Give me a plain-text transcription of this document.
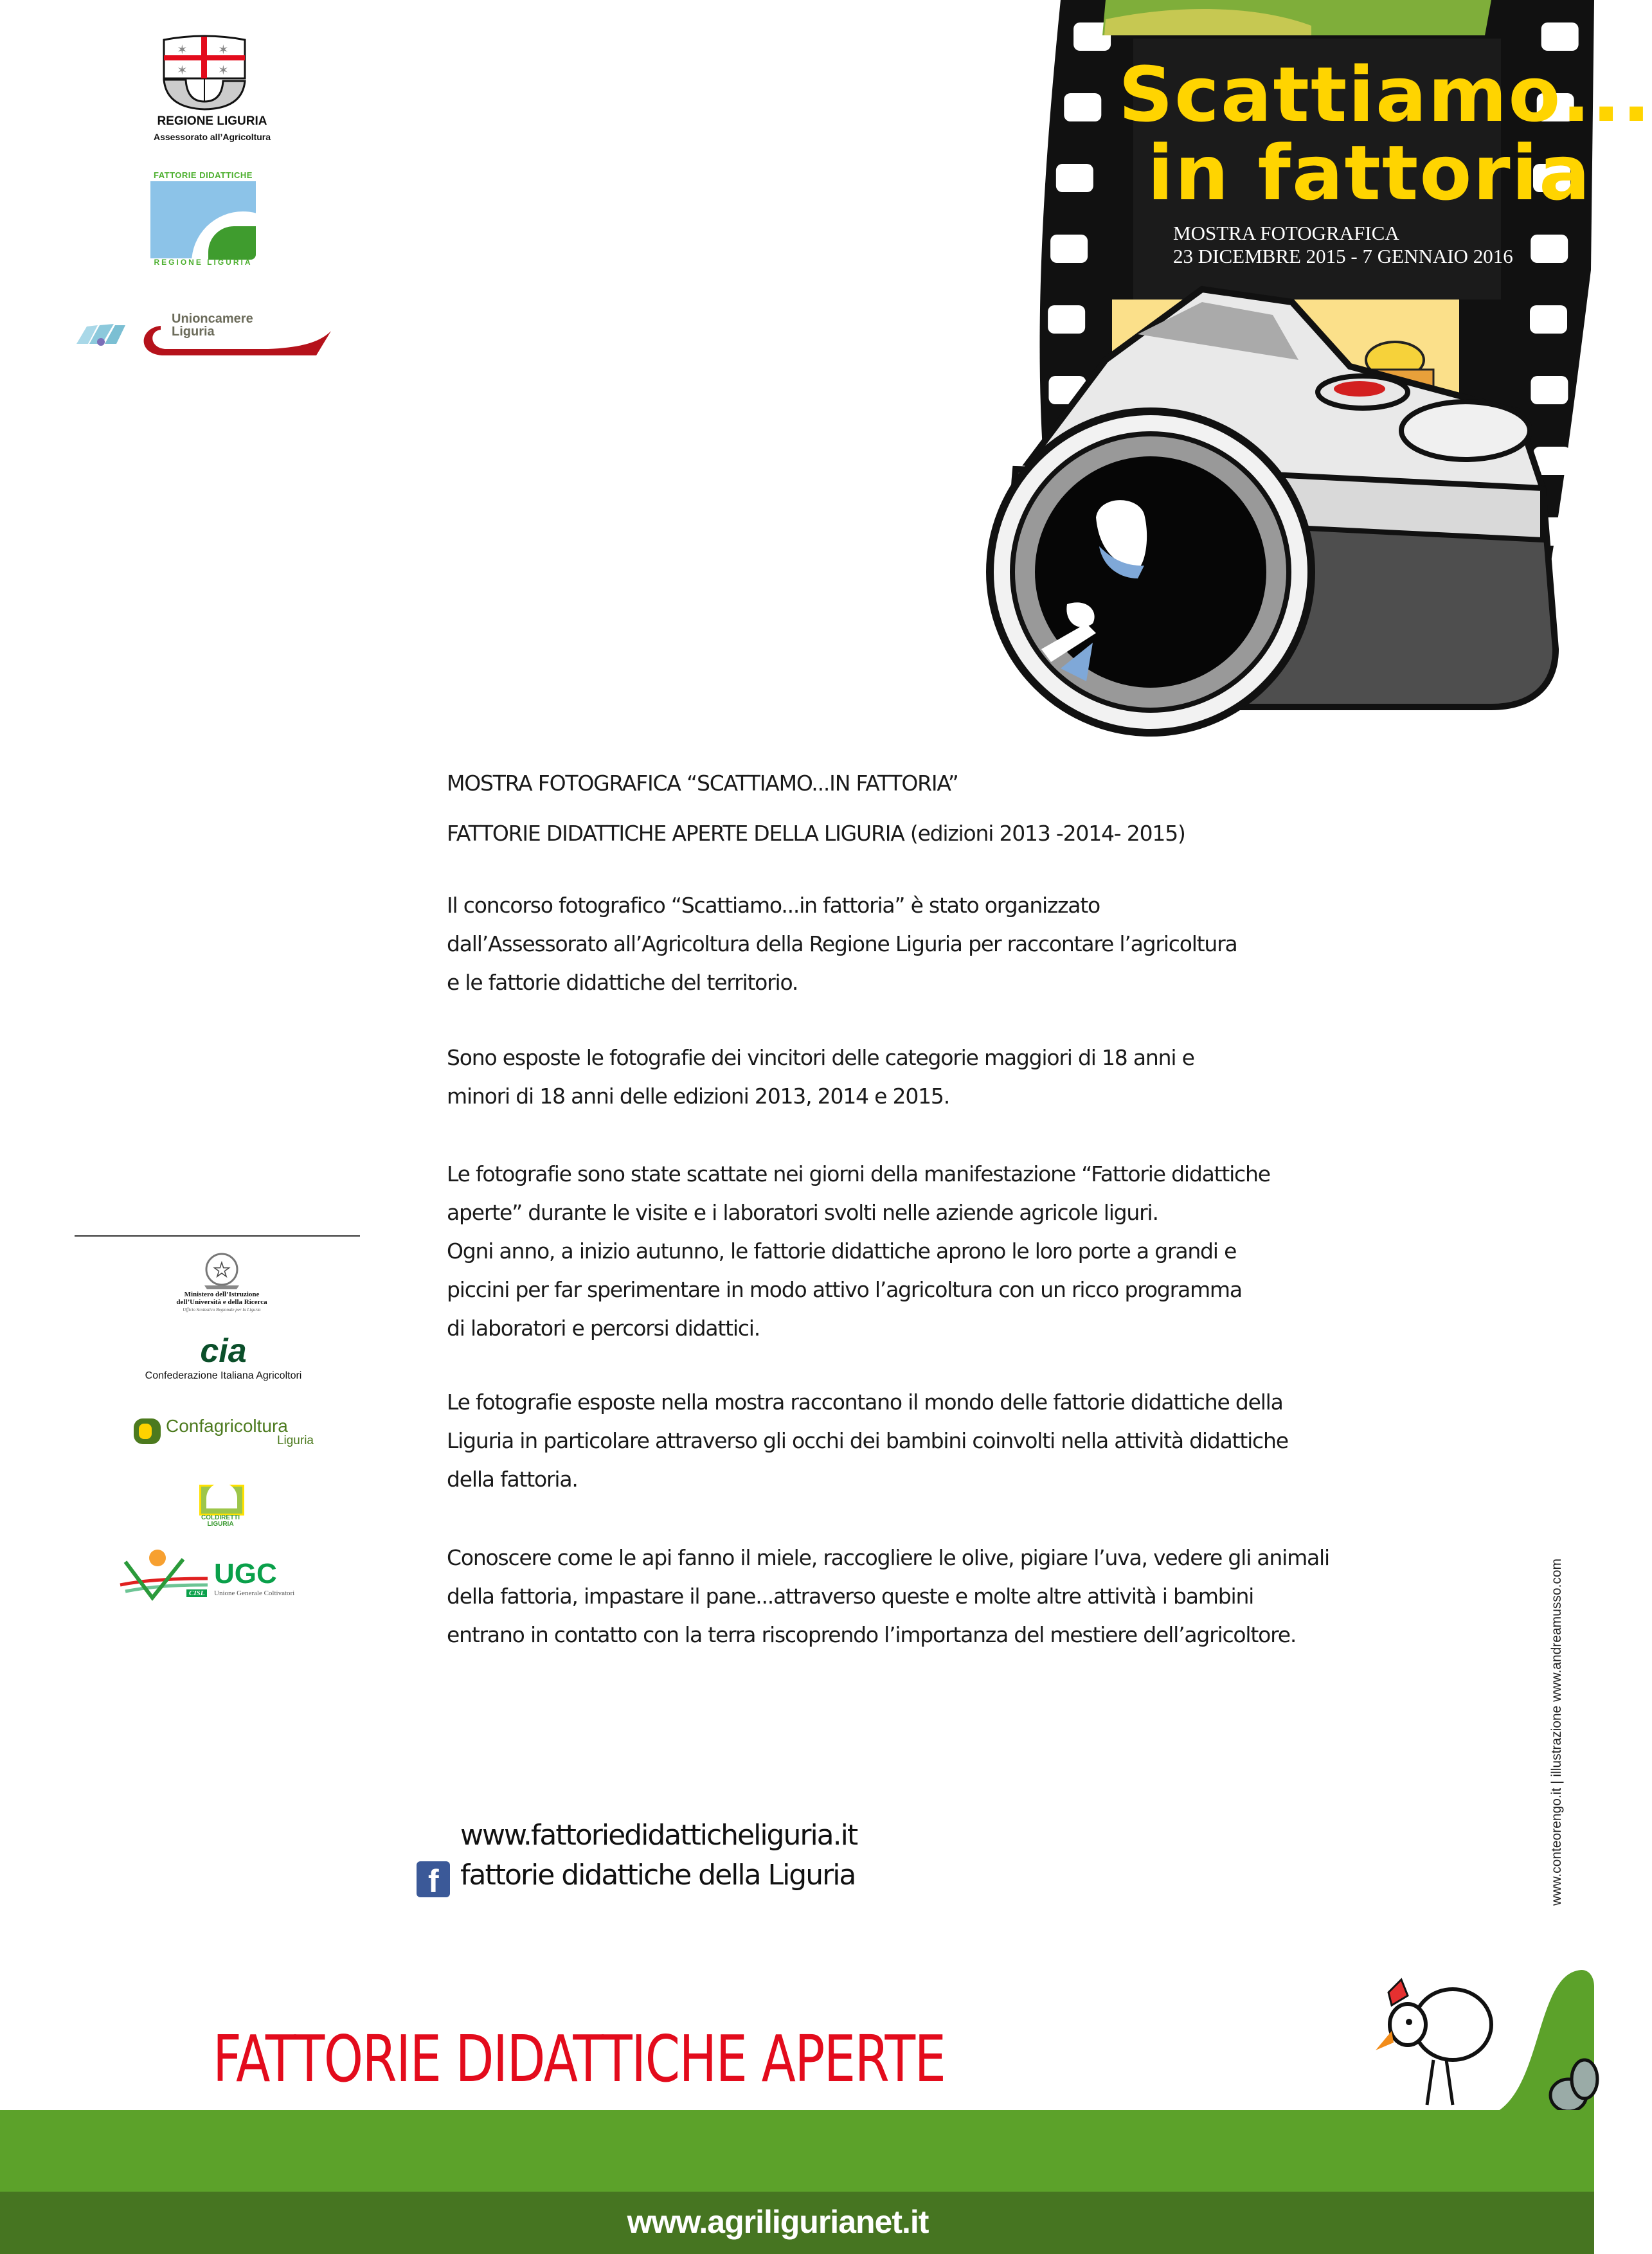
Scattiamo...
in fattoria
MOSTRA FOTOGRAFICA
23 DICEMBRE 2015 - 7 GENNAIO 2016
✶ ✶
✶ ✶
REGIONE LIGURIA
Assessorato all’Agricoltura
FATTORIE DIDATTICHE
REGIONE LIGURIA
Unioncamere
Liguria
★
Ministero dell’Istruzione
dell’Università e della Ricerca
Ufficio Scolastico Regionale per la Liguria
cia
Confederazione Italiana Agricoltori
Confagricoltura
Liguria
COLDIRETTI
LIGURIA
UGC
CISL	Unione Generale Coltivatori
MOSTRA FOTOGRAFICA “SCATTIAMO...IN FATTORIA”
FATTORIE DIDATTICHE APERTE DELLA LIGURIA (edizioni 2013 -2014- 2015)
Il concorso fotografico “Scattiamo...in fattoria” è stato organizzato
dall’Assessorato all’Agricoltura della Regione Liguria per raccontare l’agricoltura
e le fattorie didattiche del territorio.
Sono esposte le fotografie dei vincitori delle categorie maggiori di 18 anni e
minori di 18 anni delle edizioni 2013, 2014 e 2015.
Le fotografie sono state scattate nei giorni della manifestazione “Fattorie didattiche
aperte” durante le visite e i laboratori svolti nelle aziende agricole liguri.
Ogni anno, a inizio autunno, le fattorie didattiche aprono le loro porte a grandi e
piccini per far sperimentare in modo attivo l’agricoltura con un ricco programma
di laboratori e percorsi didattici.
Le fotografie esposte nella mostra raccontano il mondo delle fattorie didattiche della
Liguria in particolare attraverso gli occhi dei bambini coinvolti nella attività didattiche
della fattoria.
Conoscere come le api fanno il miele, raccogliere le olive, pigiare l’uva, vedere gli animali
della fattoria, impastare il pane...attraverso queste e molte altre attività i bambini
entrano in contatto con la terra riscoprendo l’importanza del mestiere dell’agricoltore.
www.fattoriedidatticheliguria.it
f fattorie didattiche della Liguria	www.conteorengo.it | illustrazione www.andreamusso.com
FATTORIE DIDATTICHE APERTE
www.agriligurianet.it
